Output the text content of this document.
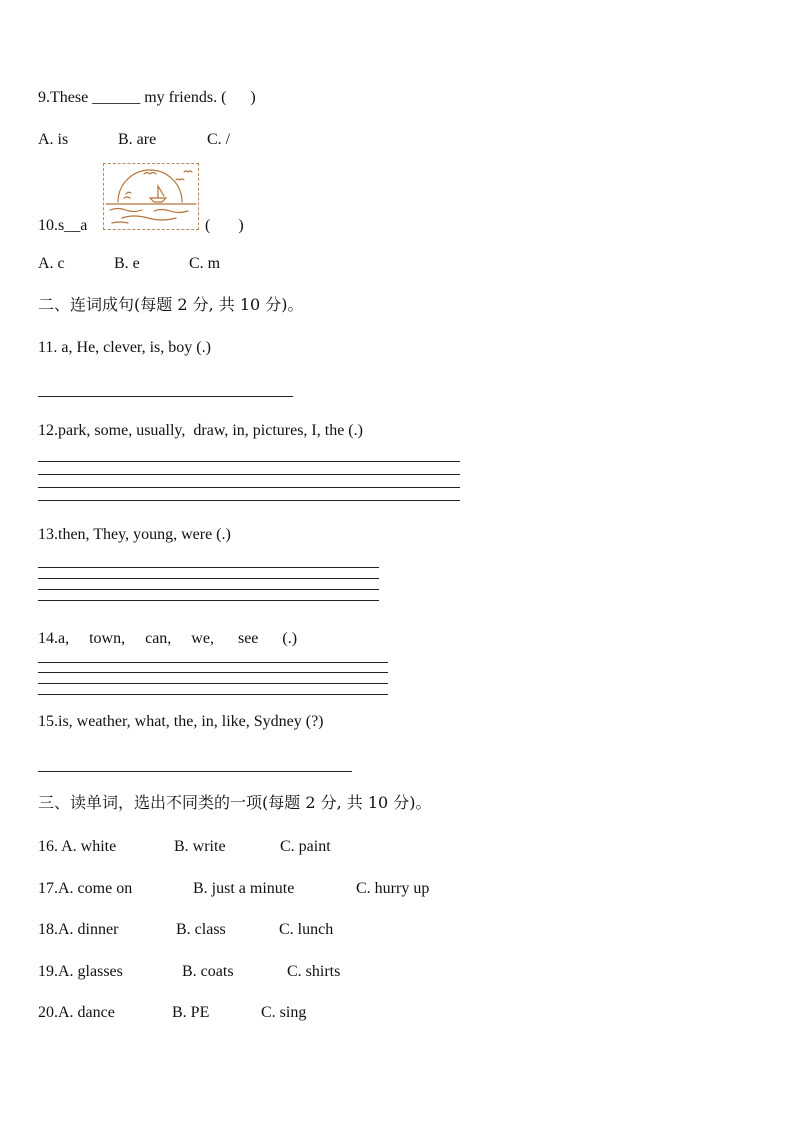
9.These ______ my friends. (      )
A. is	B. are	C. /
10.s__a	(       )
A. c	B. e	C. m
二、连词成句(每题 2 分, 共 10 分)。
11. a, He, clever, is, boy (.)
12.park, some, usually,  draw, in, pictures, I, the (.)
13.then, They, young, were (.)
14.a,     town,     can,     we,      see      (.)
15.is, weather, what, the, in, like, Sydney (?)
三、读单词，选出不同类的一项(每题 2 分, 共 10 分)。
16. A. white	B. write	C. paint
17.A. come on	B. just a minute	C. hurry up
18.A. dinner	B. class	C. lunch
19.A. glasses	B. coats	C. shirts
20.A. dance	B. PE	C. sing
